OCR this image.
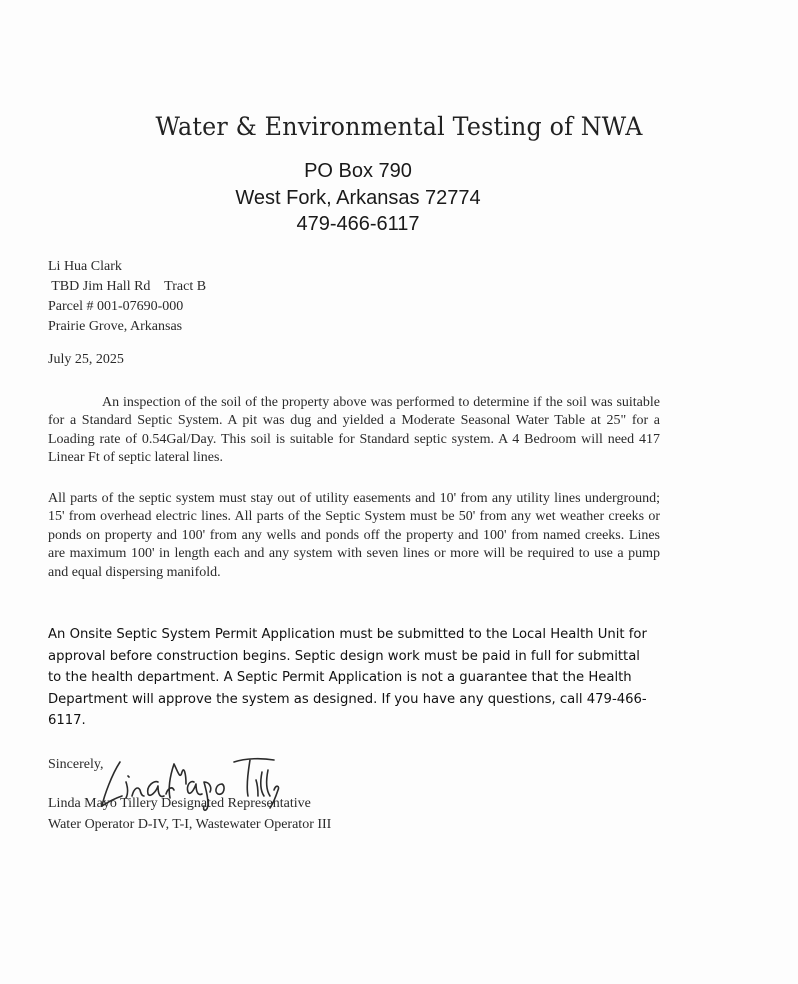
Water & Environmental Testing of NWA
PO Box 790
West Fork, Arkansas 72774
479-466-6117
Li Hua Clark
TBD Jim Hall Rd    Tract B
Parcel # 001-07690-000
Prairie Grove, Arkansas
July 25, 2025
An inspection of the soil of the property above was performed to determine if the soil was suitable for a Standard Septic System. A pit was dug and yielded a Moderate Seasonal Water Table at 25" for a Loading rate of 0.54Gal/Day. This soil is suitable for Standard septic system. A 4 Bedroom will need 417 Linear Ft of septic lateral lines.
All parts of the septic system must stay out of utility easements and 10' from any utility lines underground; 15' from overhead electric lines. All parts of the Septic System must be 50' from any wet weather creeks or ponds on property and 100' from any wells and ponds off the property and 100' from named creeks. Lines are maximum 100' in length each and any system with seven lines or more will be required to use a pump and equal dispersing manifold.
An Onsite Septic System Permit Application must be submitted to the Local Health Unit for approval before construction begins. Septic design work must be paid in full for submittal to the health department. A Septic Permit Application is not a guarantee that the Health Department will approve the system as designed. If you have any questions, call 479-466-6117.
Sincerely,
Linda Mayo Tillery Designated Representative
Water Operator D-IV, T-I, Wastewater Operator III
